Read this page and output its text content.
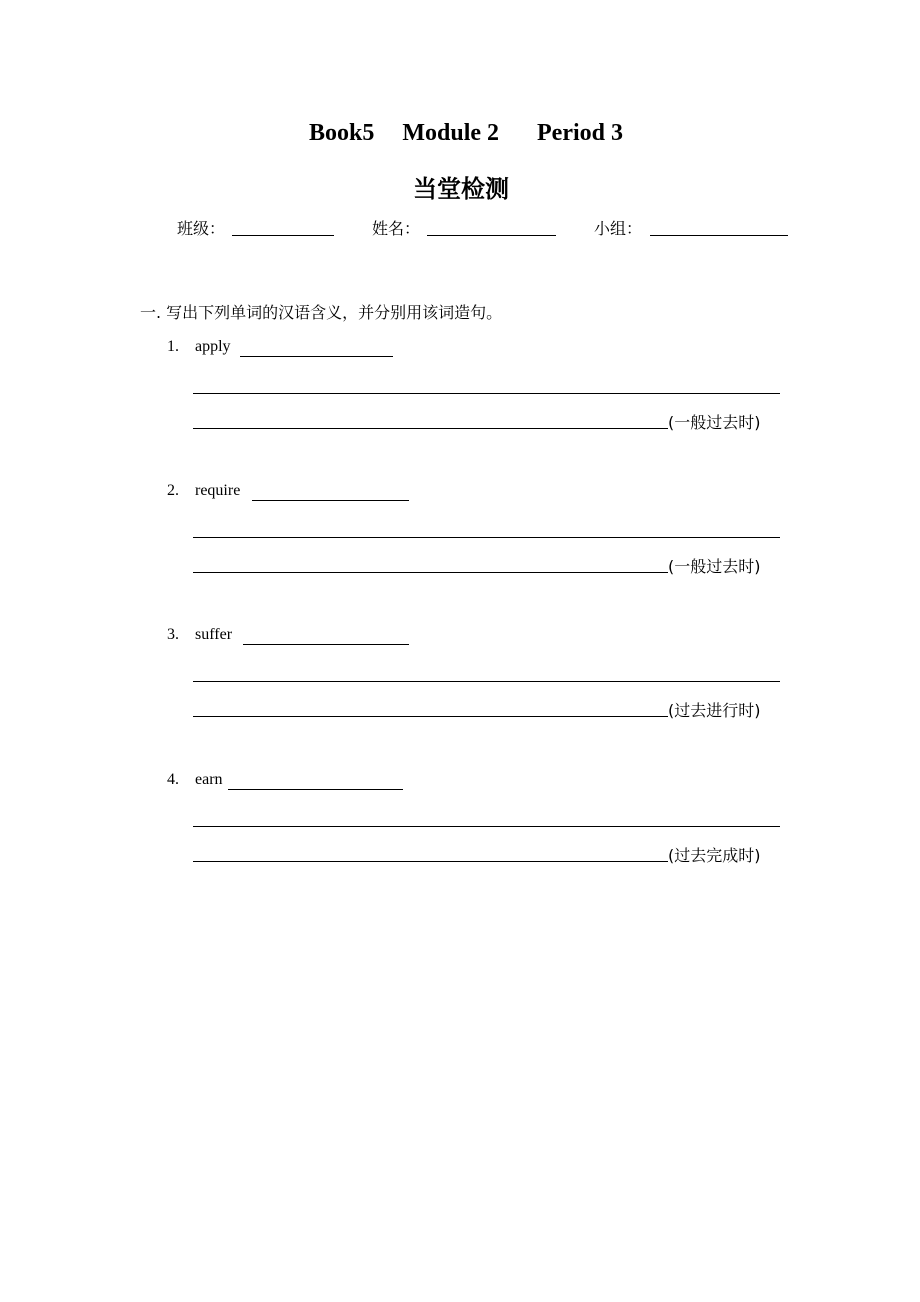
Book5 Module 2 Period 3
当堂检测
班级：	姓名：	小组：
一. 写出下列单词的汉语含义，并分别用该词造句。
1. apply
(一般过去时)
2. require
(一般过去时)
3. suffer
(过去进行时)
4. earn
(过去完成时)
